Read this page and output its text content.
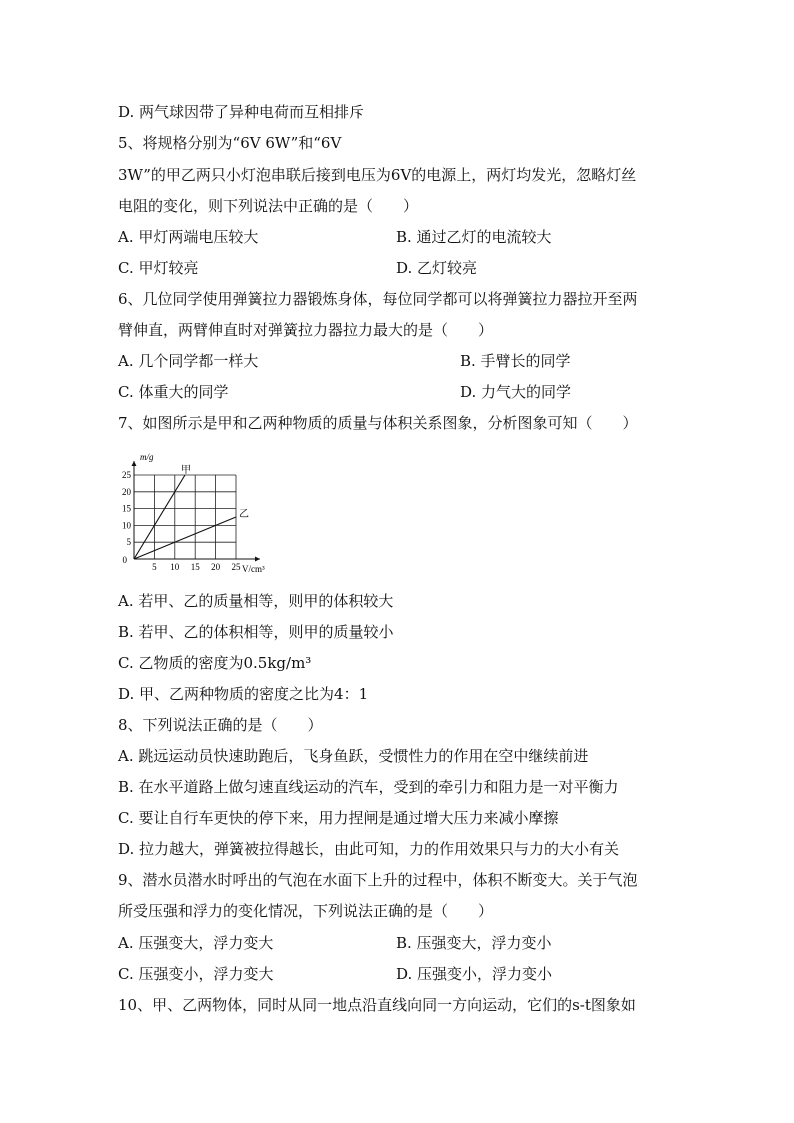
D. 两气球因带了异种电荷而互相排斥
5、将规格分别为“6V 6W”和“6V
3W”的甲乙两只小灯泡串联后接到电压为6V的电源上，两灯均发光，忽略灯丝
电阻的变化，则下列说法中正确的是（　　）
A. 甲灯两端电压较大	B. 通过乙灯的电流较大
C. 甲灯较亮	D. 乙灯较亮
6、几位同学使用弹簧拉力器锻炼身体，每位同学都可以将弹簧拉力器拉开至两
臂伸直，两臂伸直时对弹簧拉力器拉力最大的是（　　）
A. 几个同学都一样大	B. 手臂长的同学
C. 体重大的同学	D. 力气大的同学
7、如图所示是甲和乙两种物质的质量与体积关系图象，分析图象可知（　　）
甲
乙
0
5 10 15 20 25
5
10
15
20
25
m/g
V/cm³
A. 若甲、乙的质量相等，则甲的体积较大
B. 若甲、乙的体积相等，则甲的质量较小
C. 乙物质的密度为0.5kg/m³
D. 甲、乙两种物质的密度之比为4：1
8、下列说法正确的是（　　）
A. 跳远运动员快速助跑后，飞身鱼跃，受惯性力的作用在空中继续前进
B. 在水平道路上做匀速直线运动的汽车，受到的牵引力和阻力是一对平衡力
C. 要让自行车更快的停下来，用力捏闸是通过增大压力来减小摩擦
D. 拉力越大，弹簧被拉得越长，由此可知，力的作用效果只与力的大小有关
9、潜水员潜水时呼出的气泡在水面下上升的过程中，体积不断变大。关于气泡
所受压强和浮力的变化情况，下列说法正确的是（　　）
A. 压强变大，浮力变大	B. 压强变大，浮力变小
C. 压强变小，浮力变大	D. 压强变小，浮力变小
10、甲、乙两物体，同时从同一地点沿直线向同一方向运动，它们的s-t图象如
